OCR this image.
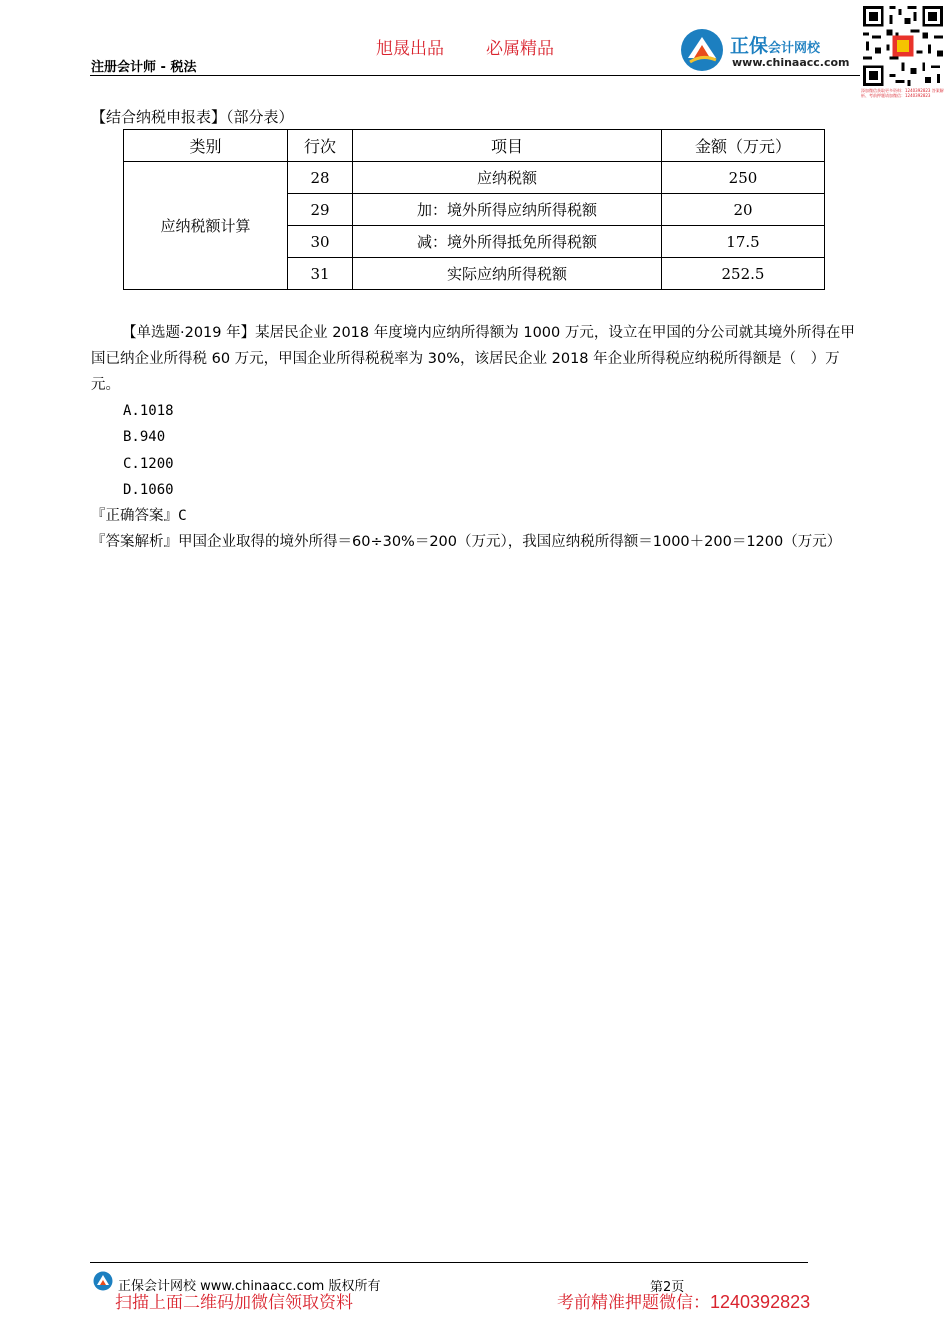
旭晟出品 必属精品
注册会计师 - 税法
正保会计网校
www.chinaacc.com
添加微信获取更多资料：1240392823 答案解析、考前押题请加微信：1240392823
【结合纳税申报表】（部分表）
类别	行次	项目	金额（万元）
应纳税额计算	28	应纳税额	250
	29	加：境外所得应纳所得税额	20
	30	减：境外所得抵免所得税额	17.5
	31	实际应纳所得税额	252.5

【单选题·2019 年】某居民企业 2018 年度境内应纳所得额为 1000 万元，设立在甲国的分公司就其境外所得在甲国已纳企业所得税 60 万元，甲国企业所得税税率为 30%，该居民企业 2018 年企业所得税应纳税所得额是（　）万元。

A.1018
B.940
C.1200
D.1060
『正确答案』C
『答案解析』甲国企业取得的境外所得＝60÷30%＝200（万元），我国应纳税所得额＝1000＋200＝1200（万元）
正保会计网校 www.chinaacc.com 版权所有	第2页
扫描上面二维码加微信领取资料	考前精准押题微信：1240392823
